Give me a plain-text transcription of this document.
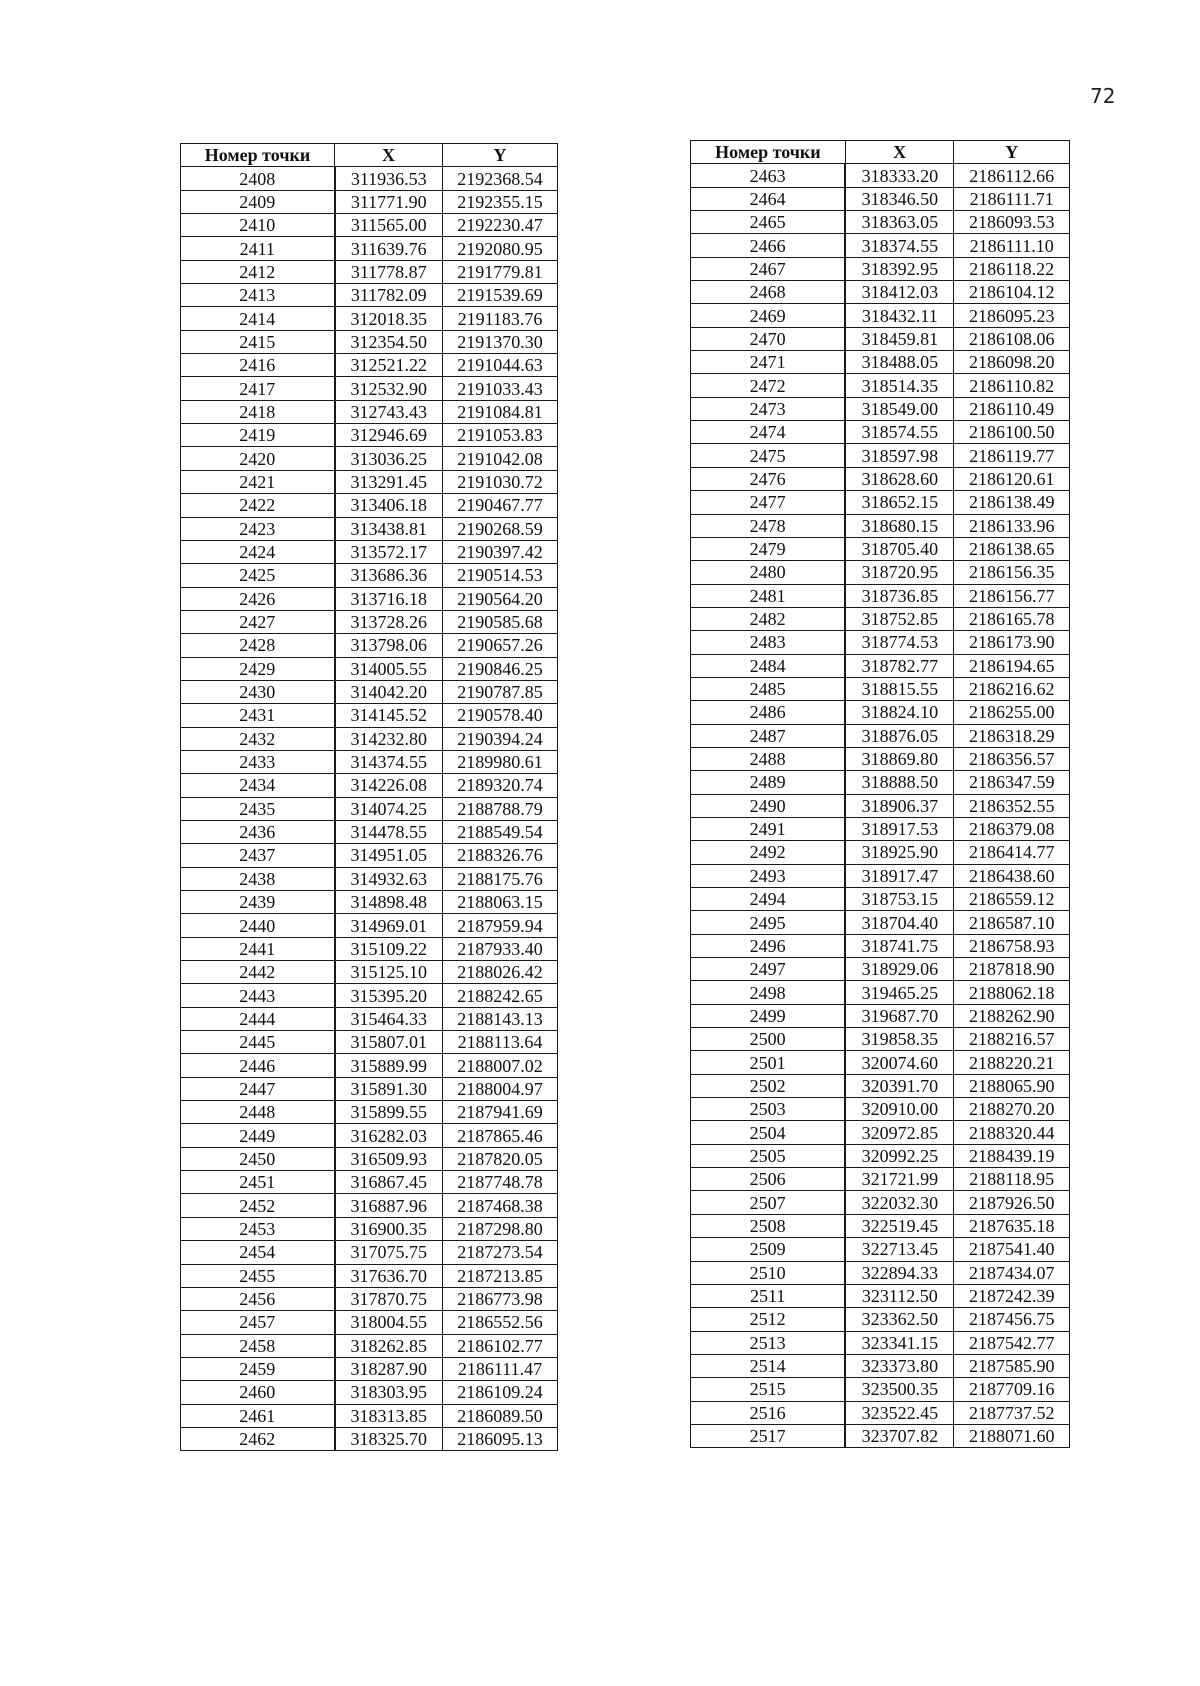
72
Номер точки	X	Y
2408	311936.53	2192368.54
2409	311771.90	2192355.15
2410	311565.00	2192230.47
2411	311639.76	2192080.95
2412	311778.87	2191779.81
2413	311782.09	2191539.69
2414	312018.35	2191183.76
2415	312354.50	2191370.30
2416	312521.22	2191044.63
2417	312532.90	2191033.43
2418	312743.43	2191084.81
2419	312946.69	2191053.83
2420	313036.25	2191042.08
2421	313291.45	2191030.72
2422	313406.18	2190467.77
2423	313438.81	2190268.59
2424	313572.17	2190397.42
2425	313686.36	2190514.53
2426	313716.18	2190564.20
2427	313728.26	2190585.68
2428	313798.06	2190657.26
2429	314005.55	2190846.25
2430	314042.20	2190787.85
2431	314145.52	2190578.40
2432	314232.80	2190394.24
2433	314374.55	2189980.61
2434	314226.08	2189320.74
2435	314074.25	2188788.79
2436	314478.55	2188549.54
2437	314951.05	2188326.76
2438	314932.63	2188175.76
2439	314898.48	2188063.15
2440	314969.01	2187959.94
2441	315109.22	2187933.40
2442	315125.10	2188026.42
2443	315395.20	2188242.65
2444	315464.33	2188143.13
2445	315807.01	2188113.64
2446	315889.99	2188007.02
2447	315891.30	2188004.97
2448	315899.55	2187941.69
2449	316282.03	2187865.46
2450	316509.93	2187820.05
2451	316867.45	2187748.78
2452	316887.96	2187468.38
2453	316900.35	2187298.80
2454	317075.75	2187273.54
2455	317636.70	2187213.85
2456	317870.75	2186773.98
2457	318004.55	2186552.56
2458	318262.85	2186102.77
2459	318287.90	2186111.47
2460	318303.95	2186109.24
2461	318313.85	2186089.50
2462	318325.70	2186095.13
Номер точки	X	Y
2463	318333.20	2186112.66
2464	318346.50	2186111.71
2465	318363.05	2186093.53
2466	318374.55	2186111.10
2467	318392.95	2186118.22
2468	318412.03	2186104.12
2469	318432.11	2186095.23
2470	318459.81	2186108.06
2471	318488.05	2186098.20
2472	318514.35	2186110.82
2473	318549.00	2186110.49
2474	318574.55	2186100.50
2475	318597.98	2186119.77
2476	318628.60	2186120.61
2477	318652.15	2186138.49
2478	318680.15	2186133.96
2479	318705.40	2186138.65
2480	318720.95	2186156.35
2481	318736.85	2186156.77
2482	318752.85	2186165.78
2483	318774.53	2186173.90
2484	318782.77	2186194.65
2485	318815.55	2186216.62
2486	318824.10	2186255.00
2487	318876.05	2186318.29
2488	318869.80	2186356.57
2489	318888.50	2186347.59
2490	318906.37	2186352.55
2491	318917.53	2186379.08
2492	318925.90	2186414.77
2493	318917.47	2186438.60
2494	318753.15	2186559.12
2495	318704.40	2186587.10
2496	318741.75	2186758.93
2497	318929.06	2187818.90
2498	319465.25	2188062.18
2499	319687.70	2188262.90
2500	319858.35	2188216.57
2501	320074.60	2188220.21
2502	320391.70	2188065.90
2503	320910.00	2188270.20
2504	320972.85	2188320.44
2505	320992.25	2188439.19
2506	321721.99	2188118.95
2507	322032.30	2187926.50
2508	322519.45	2187635.18
2509	322713.45	2187541.40
2510	322894.33	2187434.07
2511	323112.50	2187242.39
2512	323362.50	2187456.75
2513	323341.15	2187542.77
2514	323373.80	2187585.90
2515	323500.35	2187709.16
2516	323522.45	2187737.52
2517	323707.82	2188071.60
